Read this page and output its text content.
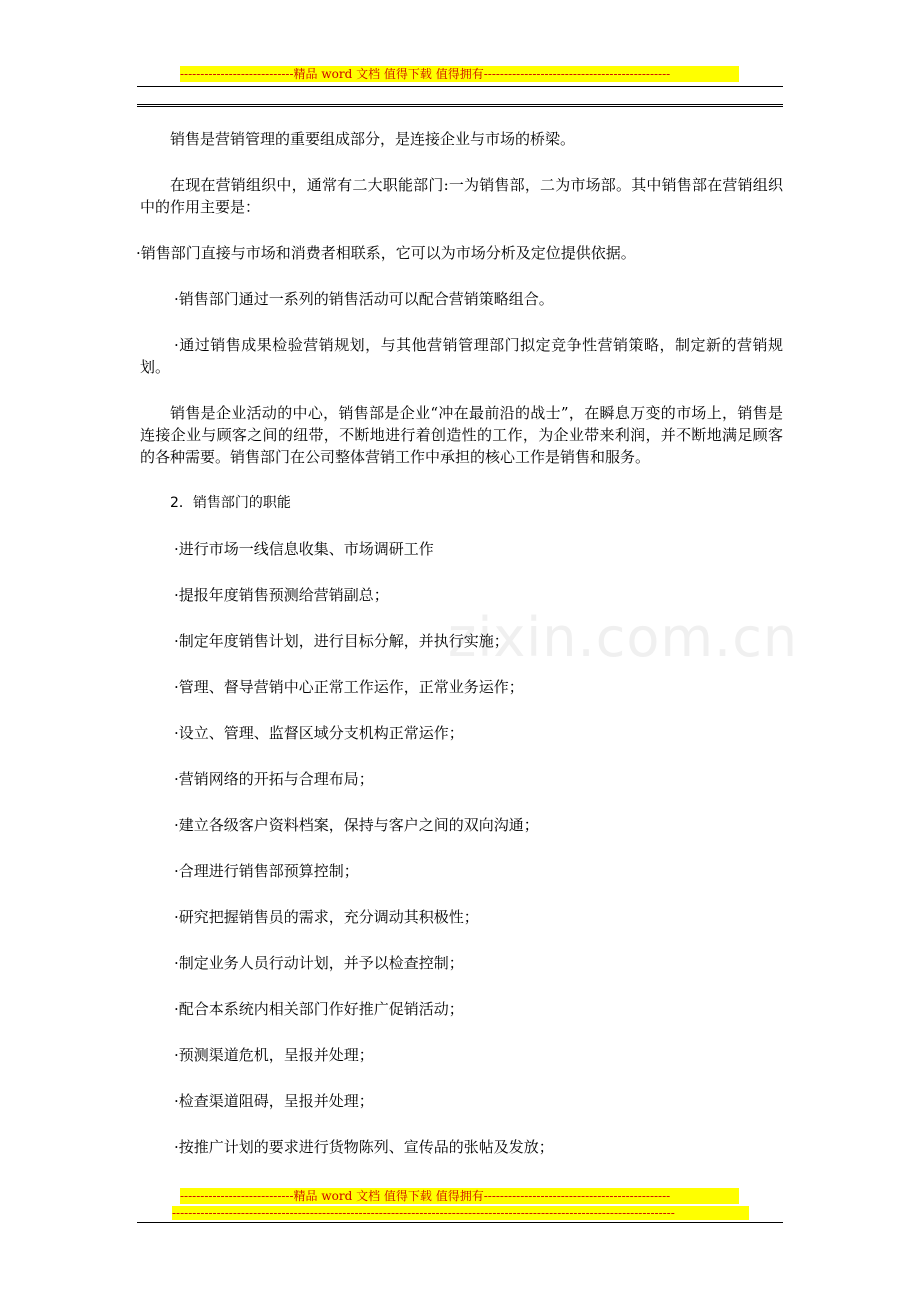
----------------------------精品 word 文档 值得下载 值得拥有----------------------------------------------
zixin.com.cn

销售是营销管理的重要组成部分，是连接企业与市场的桥梁。

在现在营销组织中，通常有二大职能部门:一为销售部，二为市场部。其中销售部在营销组织中的作用主要是：

·销售部门直接与市场和消费者相联系，它可以为市场分析及定位提供依据。

·销售部门通过一系列的销售活动可以配合营销策略组合。

·通过销售成果检验营销规划，与其他营销管理部门拟定竞争性营销策略，制定新的营销规划。

销售是企业活动的中心，销售部是企业“冲在最前沿的战士”，在瞬息万变的市场上，销售是连接企业与顾客之间的纽带，不断地进行着创造性的工作，为企业带来利润，并不断地满足顾客的各种需要。销售部门在公司整体营销工作中承担的核心工作是销售和服务。

2．销售部门的职能

·进行市场一线信息收集、市场调研工作

·提报年度销售预测给营销副总；

·制定年度销售计划，进行目标分解，并执行实施；

·管理、督导营销中心正常工作运作，正常业务运作；

·设立、管理、监督区域分支机构正常运作；

·营销网络的开拓与合理布局；

·建立各级客户资料档案，保持与客户之间的双向沟通；

·合理进行销售部预算控制；

·研究把握销售员的需求，充分调动其积极性；

·制定业务人员行动计划，并予以检查控制；

·配合本系统内相关部门作好推广促销活动；

·预测渠道危机，呈报并处理；

·检查渠道阻碍，呈报并处理；

·按推广计划的要求进行货物陈列、宣传品的张帖及发放；

----------------------------精品 word 文档 值得下载 值得拥有----------------------------------------------
----------------------------------------------------------------------------------------------------------------------------
